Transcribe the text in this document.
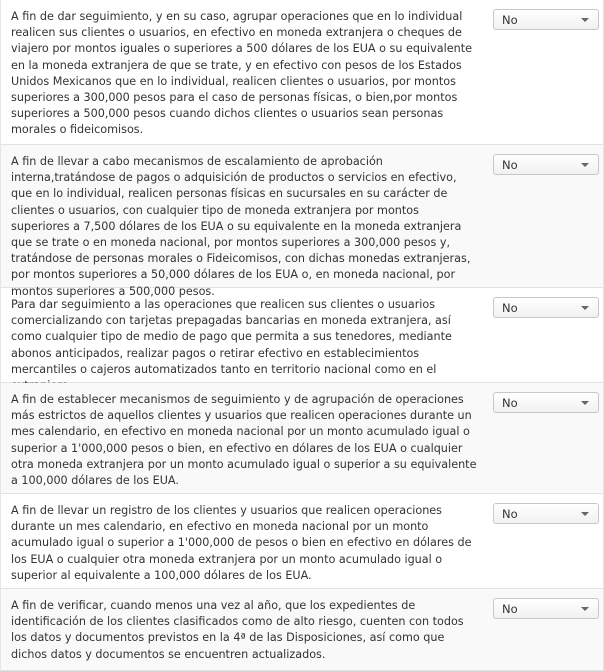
A fin de dar seguimiento, y en su caso, agrupar operaciones que en lo individual realicen sus clientes o usuarios, en efectivo en moneda extranjera o cheques de viajero por montos iguales o superiores a 500 dólares de los EUA o su equivalente en la moneda extranjera de que se trate, y en efectivo con pesos de los Estados Unidos Mexicanos que en lo individual, realicen clientes o usuarios, por montos superiores a 300,000 pesos para el caso de personas físicas, o bien,por montos superiores a 500,000 pesos cuando dichos clientes o usuarios sean personas morales o fideicomisos.

No

A fin de llevar a cabo mecanismos de escalamiento de aprobación interna,tratándose de pagos o adquisición de productos o servicios en efectivo, que en lo individual, realicen personas físicas en sucursales en su carácter de clientes o usuarios, con cualquier tipo de moneda extranjera por montos superiores a 7,500 dólares de los EUA o su equivalente en la moneda extranjera que se trate o en moneda nacional, por montos superiores a 300,000 pesos y, tratándose de personas morales o Fideicomisos, con dichas monedas extranjeras, por montos superiores a 50,000 dólares de los EUA o, en moneda nacional, por montos superiores a 500,000 pesos.

No

Para dar seguimiento a las operaciones que realicen sus clientes o usuarios comercializando con tarjetas prepagadas bancarias en moneda extranjera, así como cualquier tipo de medio de pago que permita a sus tenedores, mediante abonos anticipados, realizar pagos o retirar efectivo en establecimientos mercantiles o cajeros automatizados tanto en territorio nacional como en el

No

A fin de establecer mecanismos de seguimiento y de agrupación de operaciones más estrictos de aquellos clientes y usuarios que realicen operaciones durante un mes calendario, en efectivo en moneda nacional por un monto acumulado igual o superior a 1'000,000 pesos o bien, en efectivo en dólares de los EUA o cualquier otra moneda extranjera por un monto acumulado igual o superior a su equivalente a 100,000 dólares de los EUA.

No

A fin de llevar un registro de los clientes y usuarios que realicen operaciones durante un mes calendario, en efectivo en moneda nacional por un monto acumulado igual o superior a 1'000,000 de pesos o bien en efectivo en dólares de los EUA o cualquier otra moneda extranjera por un monto acumulado igual o superior al equivalente a 100,000 dólares de los EUA.

No

A fin de verificar, cuando menos una vez al año, que los expedientes de identificación de los clientes clasificados como de alto riesgo, cuenten con todos los datos y documentos previstos en la 4ª de las Disposiciones, así como que dichos datos y documentos se encuentren actualizados.

No
